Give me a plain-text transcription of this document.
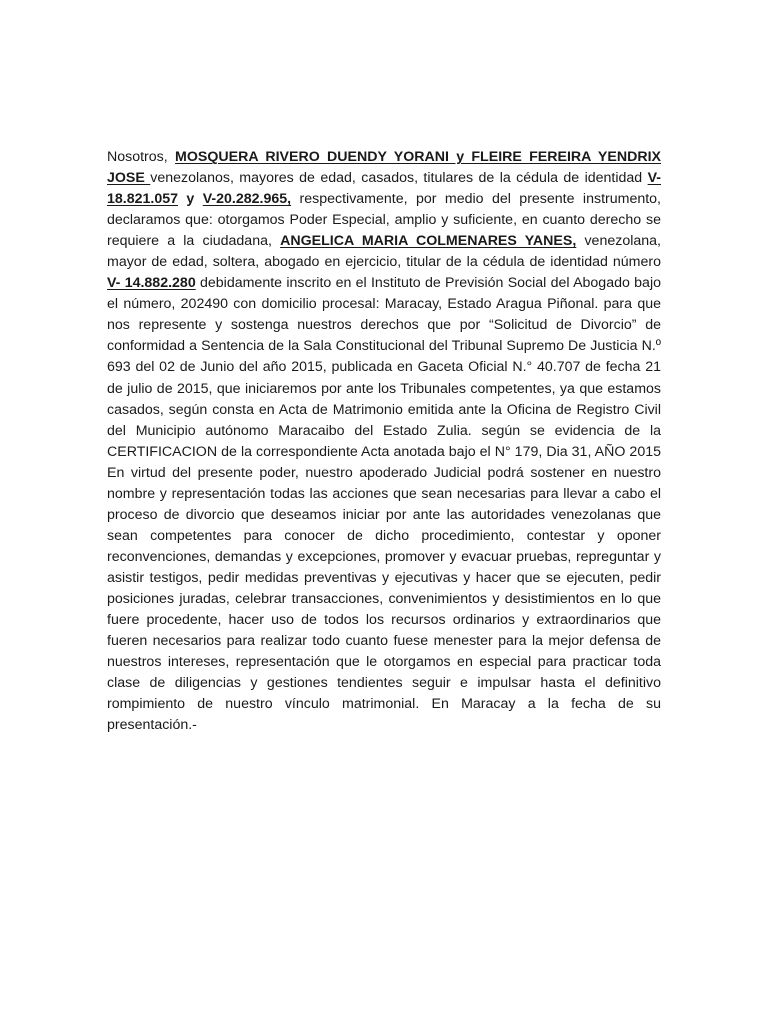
Nosotros, MOSQUERA RIVERO DUENDY YORANI y FLEIRE FEREIRA YENDRIX JOSE venezolanos, mayores de edad, casados, titulares de la cédula de identidad V-18.821.057 y V-20.282.965, respectivamente, por medio del presente instrumento, declaramos que: otorgamos Poder Especial, amplio y suficiente, en cuanto derecho se requiere a la ciudadana, ANGELICA MARIA COLMENARES YANES, venezolana, mayor de edad, soltera, abogado en ejercicio, titular de la cédula de identidad número V- 14.882.280 debidamente inscrito en el Instituto de Previsión Social del Abogado bajo el número, 202490 con domicilio procesal: Maracay, Estado Aragua Piñonal. para que nos represente y sostenga nuestros derechos que por “Solicitud de Divorcio” de conformidad a Sentencia de la Sala Constitucional del Tribunal Supremo De Justicia N.º 693 del 02 de Junio del año 2015, publicada en Gaceta Oficial N.° 40.707 de fecha 21 de julio de 2015, que iniciaremos por ante los Tribunales competentes, ya que estamos casados, según consta en Acta de Matrimonio emitida ante la Oficina de Registro Civil del Municipio autónomo Maracaibo del Estado Zulia. según se evidencia de la CERTIFICACION de la correspondiente Acta anotada bajo el N° 179, Dia 31, AÑO 2015 En virtud del presente poder, nuestro apoderado Judicial podrá sostener en nuestro nombre y representación todas las acciones que sean necesarias para llevar a cabo el proceso de divorcio que deseamos iniciar por ante las autoridades venezolanas que sean competentes para conocer de dicho procedimiento, contestar y oponer reconvenciones, demandas y excepciones, promover y evacuar pruebas, repreguntar y asistir testigos, pedir medidas preventivas y ejecutivas y hacer que se ejecuten, pedir posiciones juradas, celebrar transacciones, convenimientos y desistimientos en lo que fuere procedente, hacer uso de todos los recursos ordinarios y extraordinarios que fueren necesarios para realizar todo cuanto fuese menester para la mejor defensa de nuestros intereses, representación que le otorgamos en especial para practicar toda clase de diligencias y gestiones tendientes seguir e impulsar hasta el definitivo rompimiento de nuestro vínculo matrimonial. En Maracay a la fecha de su presentación.-
